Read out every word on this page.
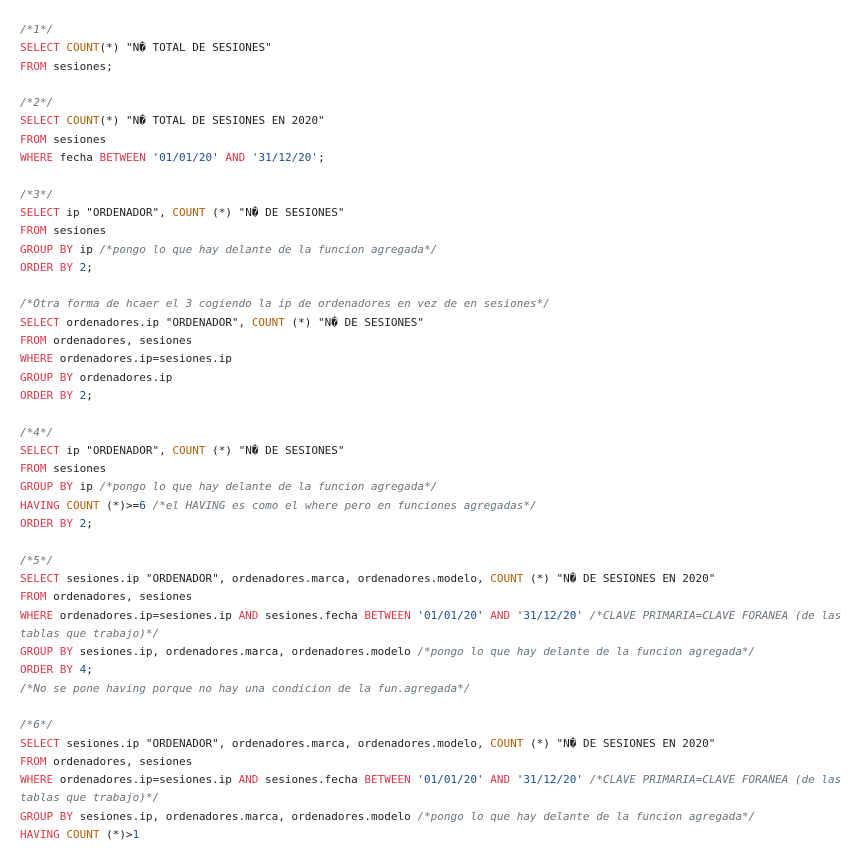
/*1*/
SELECT COUNT(*) "N� TOTAL DE SESIONES"
FROM sesiones;
/*2*/
SELECT COUNT(*) "N� TOTAL DE SESIONES EN 2020"
FROM sesiones
WHERE fecha BETWEEN '01/01/20' AND '31/12/20';
/*3*/
SELECT ip "ORDENADOR", COUNT (*) "N� DE SESIONES"
FROM sesiones
GROUP BY ip /*pongo lo que hay delante de la funcion agregada*/
ORDER BY 2;
/*Otra forma de hcaer el 3 cogiendo la ip de ordenadores en vez de en sesiones*/
SELECT ordenadores.ip "ORDENADOR", COUNT (*) "N� DE SESIONES"
FROM ordenadores, sesiones
WHERE ordenadores.ip=sesiones.ip
GROUP BY ordenadores.ip
ORDER BY 2;
/*4*/
SELECT ip "ORDENADOR", COUNT (*) "N� DE SESIONES"
FROM sesiones
GROUP BY ip /*pongo lo que hay delante de la funcion agregada*/
HAVING COUNT (*)>=6 /*el HAVING es como el where pero en funciones agregadas*/
ORDER BY 2;
/*5*/
SELECT sesiones.ip "ORDENADOR", ordenadores.marca, ordenadores.modelo, COUNT (*) "N� DE SESIONES EN 2020"
FROM ordenadores, sesiones
WHERE ordenadores.ip=sesiones.ip AND sesiones.fecha BETWEEN '01/01/20' AND '31/12/20' /*CLAVE PRIMARIA=CLAVE FORANEA (de las tablas que trabajo)*/
GROUP BY sesiones.ip, ordenadores.marca, ordenadores.modelo /*pongo lo que hay delante de la funcion agregada*/
ORDER BY 4;
/*No se pone having porque no hay una condicion de la fun.agregada*/
/*6*/
SELECT sesiones.ip "ORDENADOR", ordenadores.marca, ordenadores.modelo, COUNT (*) "N� DE SESIONES EN 2020"
FROM ordenadores, sesiones
WHERE ordenadores.ip=sesiones.ip AND sesiones.fecha BETWEEN '01/01/20' AND '31/12/20' /*CLAVE PRIMARIA=CLAVE FORANEA (de las tablas que trabajo)*/
GROUP BY sesiones.ip, ordenadores.marca, ordenadores.modelo /*pongo lo que hay delante de la funcion agregada*/
HAVING COUNT (*)>1
